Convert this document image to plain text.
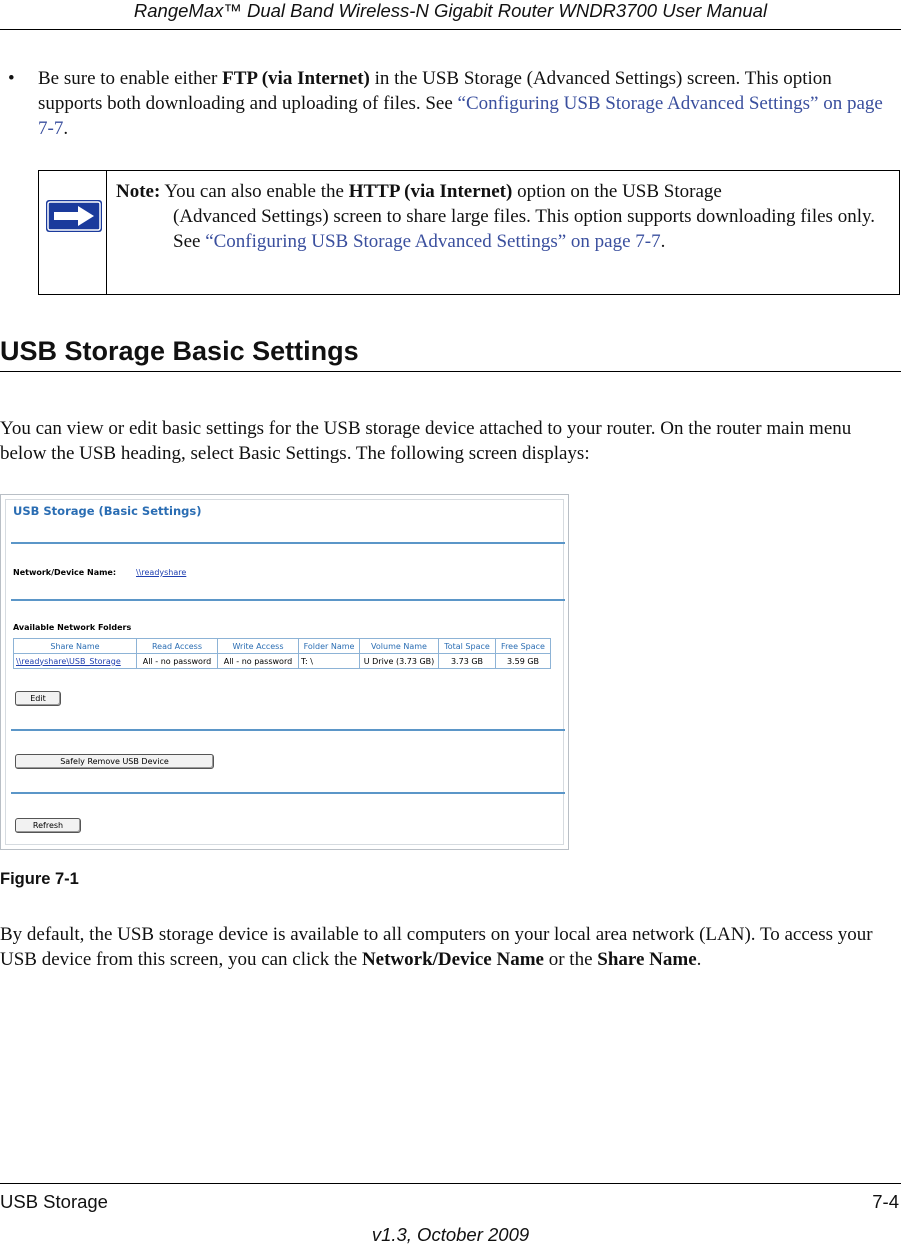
RangeMax™ Dual Band Wireless-N Gigabit Router WNDR3700 User Manual
• Be sure to enable either FTP (via Internet) in the USB Storage (Advanced Settings) screen. This option supports both downloading and uploading of files. See “Configuring USB Storage Advanced Settings” on page 7-7.
Note: You can also enable the HTTP (via Internet) option on the USB Storage
(Advanced Settings) screen to share large files. This option supports downloading files only. See “Configuring USB Storage Advanced Settings” on page 7-7.
USB Storage Basic Settings
You can view or edit basic settings for the USB storage device attached to your router. On the router main menu below the USB heading, select Basic Settings. The following screen displays:
USB Storage (Basic Settings)
Network/Device Name: \\readyshare
Available Network Folders
Share Name	Read Access	Write Access	Folder Name	Volume Name	Total Space	Free Space
\\readyshare\USB_Storage	All - no password	All - no password	T: \	U Drive (3.73 GB)	3.73 GB	3.59 GB
Edit
Safely Remove USB Device
Refresh
Figure 7-1
By default, the USB storage device is available to all computers on your local area network (LAN). To access your USB device from this screen, you can click the Network/Device Name or the Share Name.
USB Storage	7-4
v1.3, October 2009
